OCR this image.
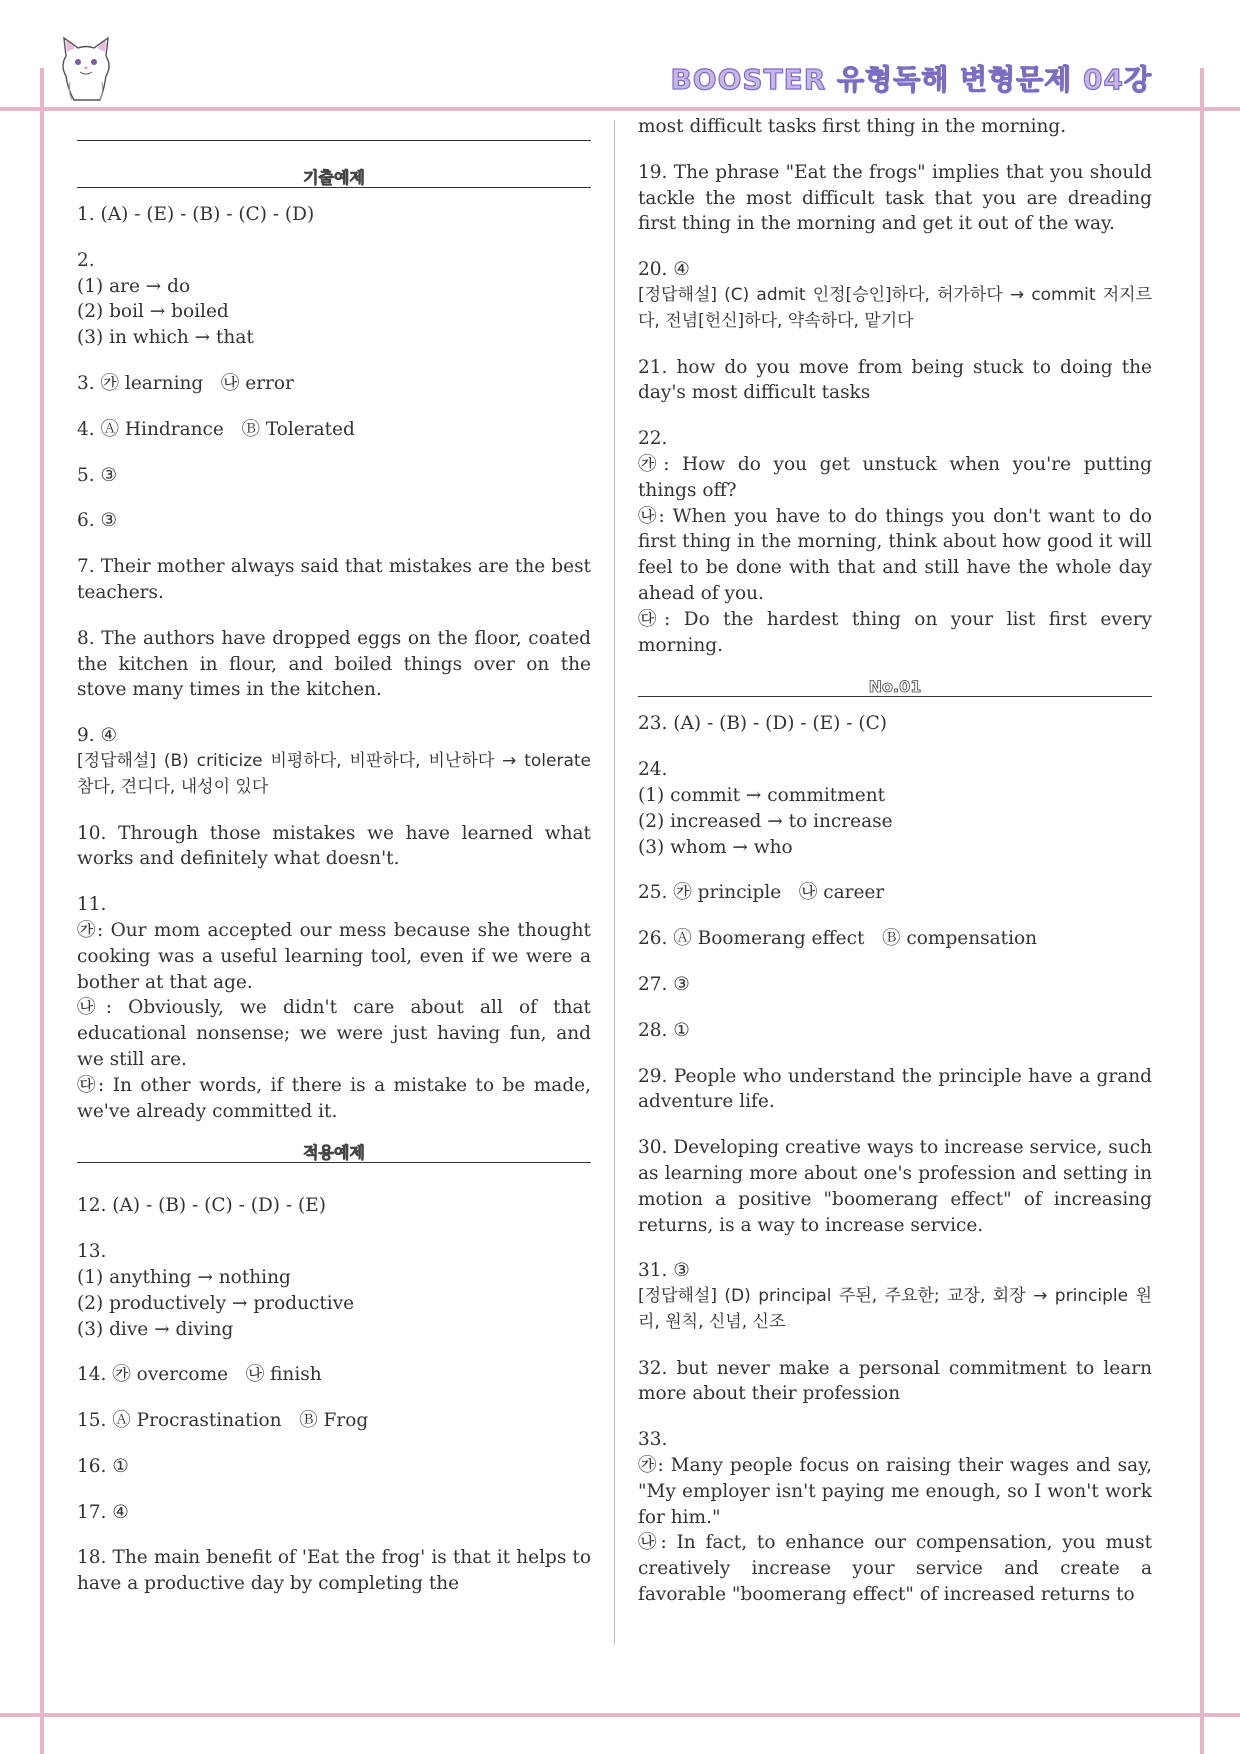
BOOSTER 유형독해 변형문제 04강
기출예제
1. (A) - (E) - (B) - (C) - (D)
2.
(1) are → do
(2) boil → boiled
(3) in which → that
3. ㉮ learning   ㉯ error
4. Ⓐ Hindrance   Ⓑ Tolerated
5. ③
6. ③
7. Their mother always said that mistakes are the best teachers.
8. The authors have dropped eggs on the floor, coated the kitchen in flour, and boiled things over on the stove many times in the kitchen.
9. ④
[정답해설] (B) criticize 비평하다, 비판하다, 비난하다 → tolerate 참다, 견디다, 내성이 있다
10. Through those mistakes we have learned what works and definitely what doesn't.
11.
㉮: Our mom accepted our mess because she thought cooking was a useful learning tool, even if we were a bother at that age.
㉯: Obviously, we didn't care about all of that educational nonsense; we were just having fun, and we still are.
㉰: In other words, if there is a mistake to be made, we've already committed it.
적용예제
12. (A) - (B) - (C) - (D) - (E)
13.
(1) anything → nothing
(2) productively → productive
(3) dive → diving
14. ㉮ overcome   ㉯ finish
15. Ⓐ Procrastination   Ⓑ Frog
16. ①
17. ④
18. The main benefit of 'Eat the frog' is that it helps to have a productive day by completing the
most difficult tasks first thing in the morning.
19. The phrase "Eat the frogs" implies that you should tackle the most difficult task that you are dreading first thing in the morning and get it out of the way.
20. ④
[정답해설] (C) admit 인정[승인]하다, 허가하다 → commit 저지르다, 전념[헌신]하다, 약속하다, 맡기다
21. how do you move from being stuck to doing the day's most difficult tasks
22.
㉮: How do you get unstuck when you're putting things off?
㉯: When you have to do things you don't want to do first thing in the morning, think about how good it will feel to be done with that and still have the whole day ahead of you.
㉰: Do the hardest thing on your list first every morning.
No.01
23. (A) - (B) - (D) - (E) - (C)
24.
(1) commit → commitment
(2) increased → to increase
(3) whom → who
25. ㉮ principle   ㉯ career
26. Ⓐ Boomerang effect   Ⓑ compensation
27. ③
28. ①
29. People who understand the principle have a grand adventure life.
30. Developing creative ways to increase service, such as learning more about one's profession and setting in motion a positive "boomerang effect" of increasing returns, is a way to increase service.
31. ③
[정답해설] (D) principal 주된, 주요한; 교장, 회장 → principle 원리, 원칙, 신념, 신조
32. but never make a personal commitment to learn more about their profession
33.
㉮: Many people focus on raising their wages and say, "My employer isn't paying me enough, so I won't work for him."
㉯: In fact, to enhance our compensation, you must creatively increase your service and create a favorable "boomerang effect" of increased returns to
